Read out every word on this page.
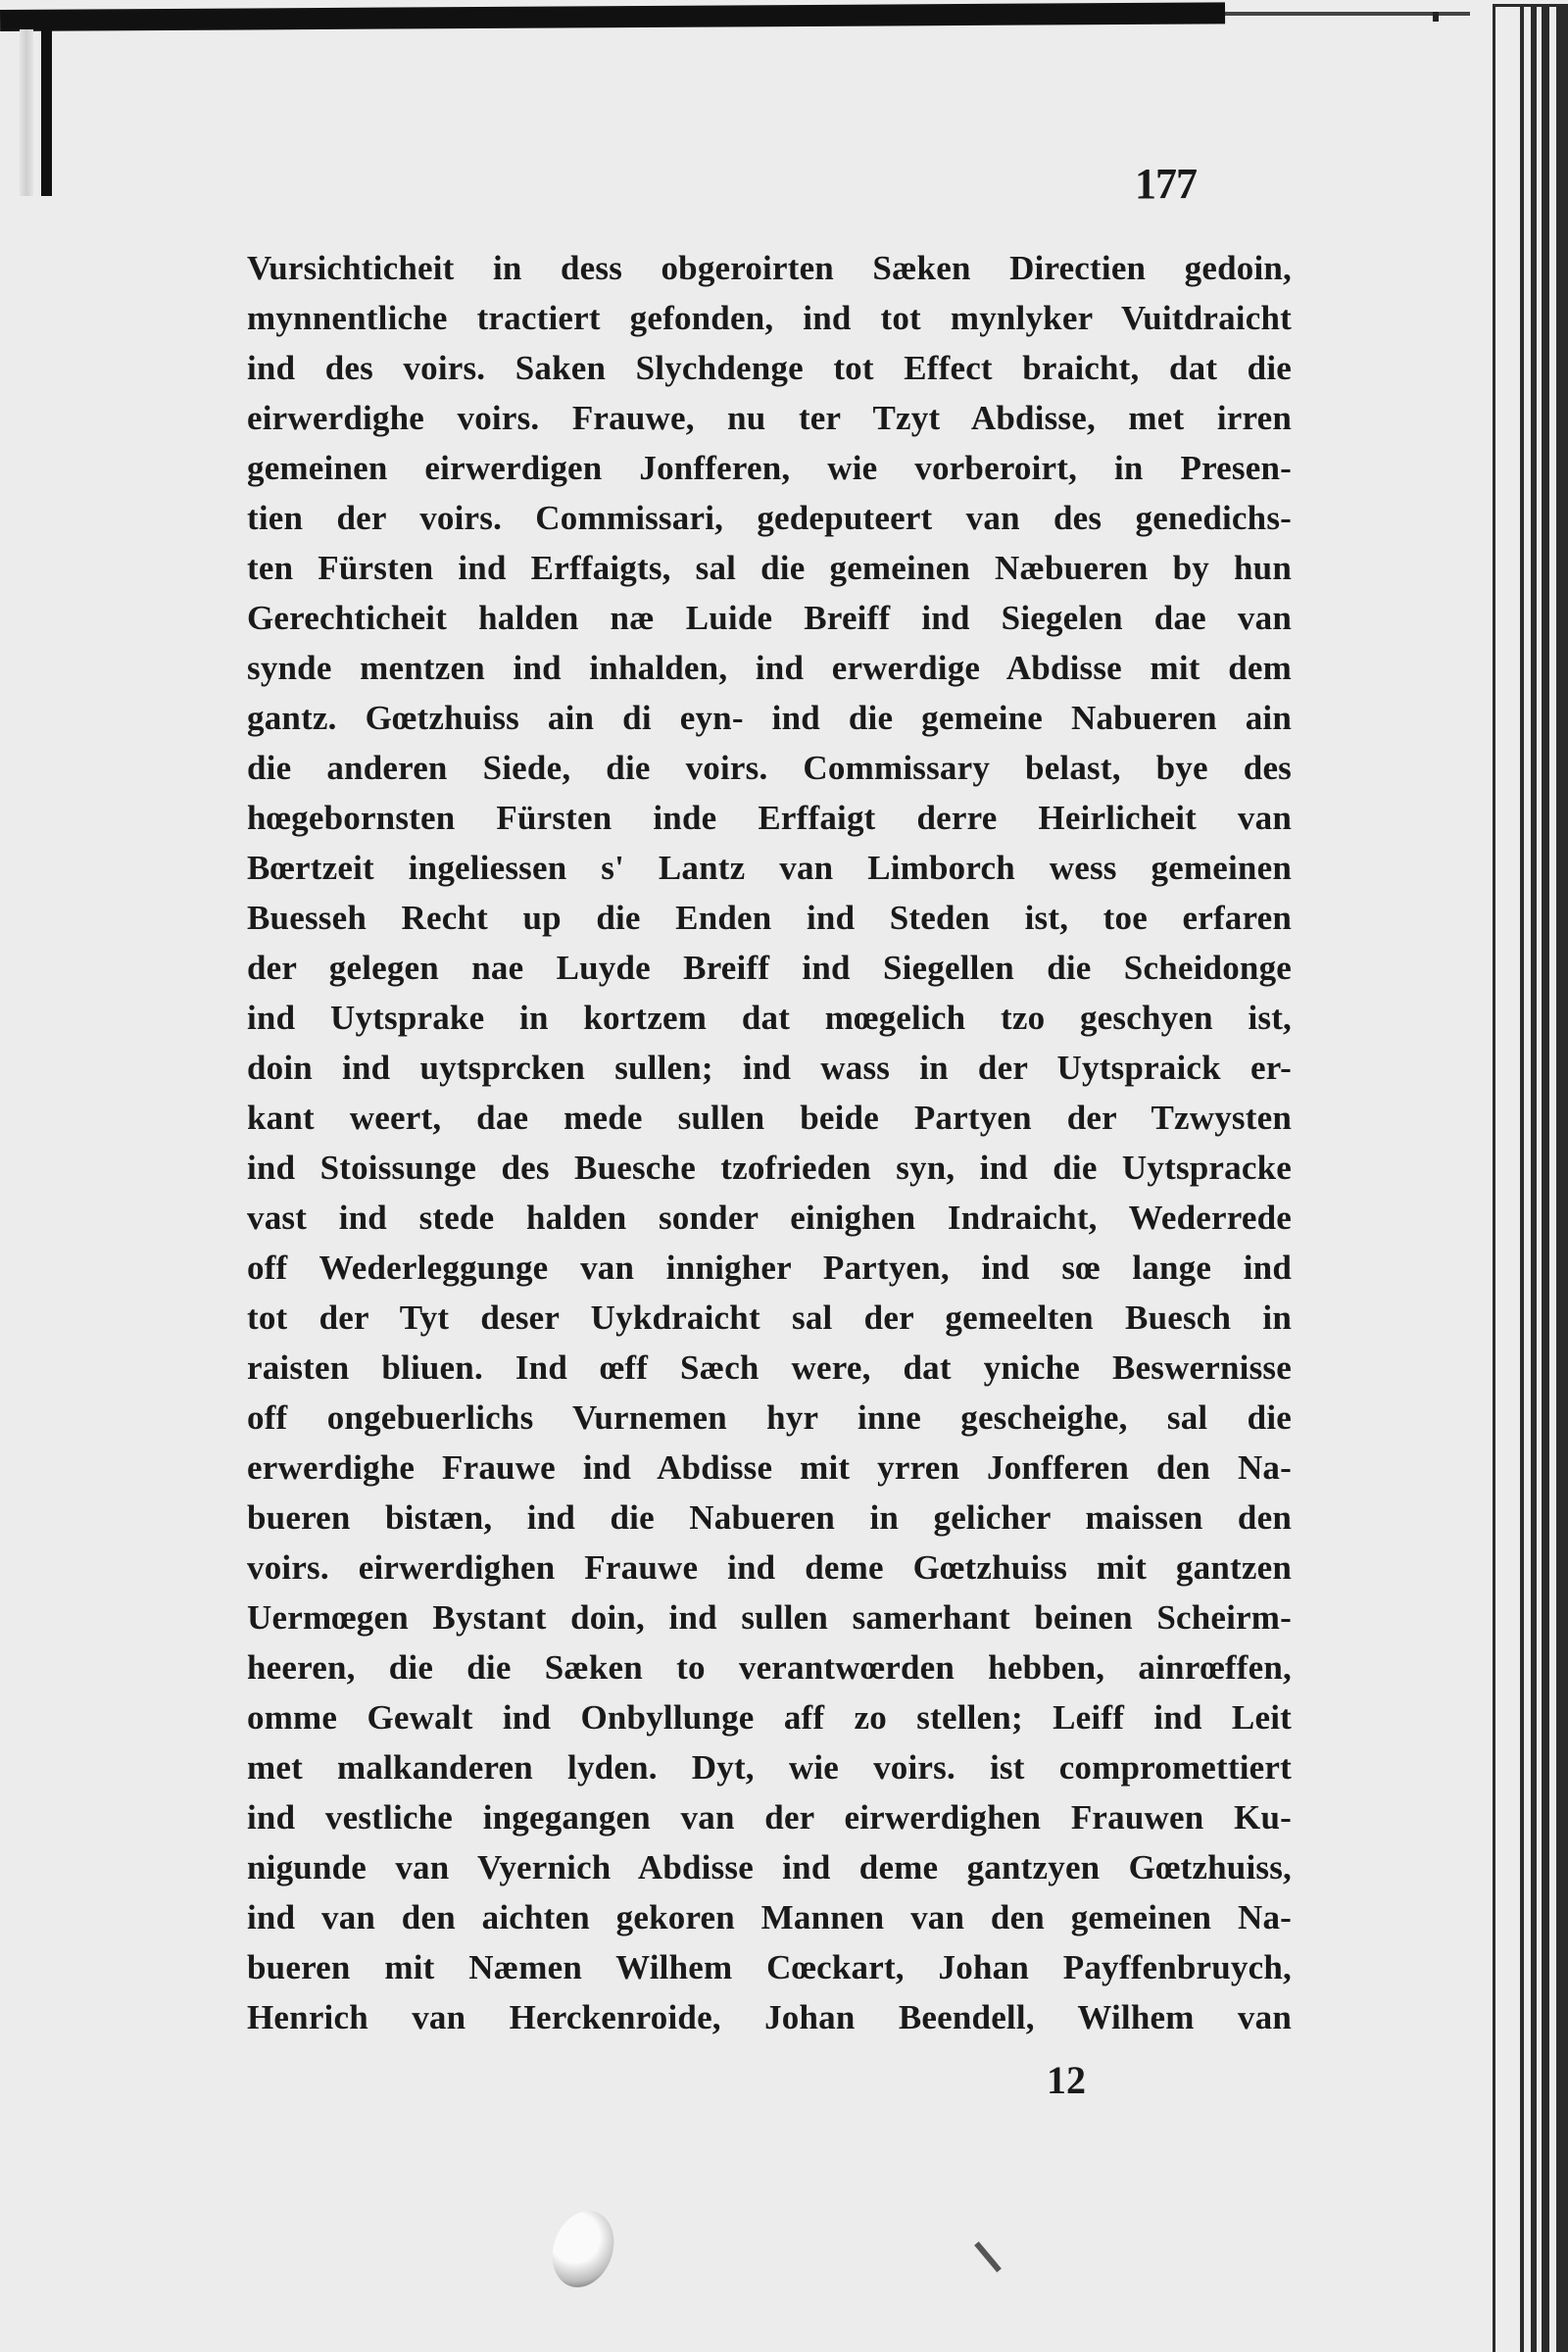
177
Vursichticheit in dess obgeroirten Sæken Directien gedoin,
mynnentliche tractiert gefonden, ind tot mynlyker Vuitdraicht
ind des voirs. Saken Slychdenge tot Effect braicht, dat die
eirwerdighe voirs. Frauwe, nu ter Tzyt Abdisse, met irren
gemeinen eirwerdigen Jonfferen, wie vorberoirt, in Presen-
tien der voirs. Commissari, gedeputeert van des genedichs-
ten Fürsten ind Erffaigts, sal die gemeinen Næbueren by hun
Gerechticheit halden næ Luide Breiff ind Siegelen dae van
synde mentzen ind inhalden, ind erwerdige Abdisse mit dem
gantz. Gœtzhuiss ain di eyn- ind die gemeine Nabueren ain
die anderen Siede, die voirs. Commissary belast, bye des
hœgebornsten Fürsten inde Erffaigt derre Heirlicheit van
Bœrtzeit ingeliessen s' Lantz van Limborch wess gemeinen
Buesseh Recht up die Enden ind Steden ist, toe erfaren
der gelegen nae Luyde Breiff ind Siegellen die Scheidonge
ind Uytsprake in kortzem dat mœgelich tzo geschyen ist,
doin ind uytsprcken sullen; ind wass in der Uytspraick er-
kant weert, dae mede sullen beide Partyen der Tzwysten
ind Stoissunge des Buesche tzofrieden syn, ind die Uytspracke
vast ind stede halden sonder einighen Indraicht, Wederrede
off Wederleggunge van innigher Partyen, ind sœ lange ind
tot der Tyt deser Uykdraicht sal der gemeelten Buesch in
raisten bliuen. Ind œff Sæch were, dat yniche Beswernisse
off ongebuerlichs Vurnemen hyr inne gescheighe, sal die
erwerdighe Frauwe ind Abdisse mit yrren Jonfferen den Na-
bueren bistæn, ind die Nabueren in gelicher maissen den
voirs. eirwerdighen Frauwe ind deme Gœtzhuiss mit gantzen
Uermœgen Bystant doin, ind sullen samerhant beinen Scheirm-
heeren, die die Sæken to verantwœrden hebben, ainrœffen,
omme Gewalt ind Onbyllunge aff zo stellen; Leiff ind Leit
met malkanderen lyden. Dyt, wie voirs. ist compromettiert
ind vestliche ingegangen van der eirwerdighen Frauwen Ku-
nigunde van Vyernich Abdisse ind deme gantzyen Gœtzhuiss,
ind van den aichten gekoren Mannen van den gemeinen Na-
bueren mit Næmen Wilhem Cœckart, Johan Payffenbruych,
Henrich van Herckenroide, Johan Beendell, Wilhem van
12
